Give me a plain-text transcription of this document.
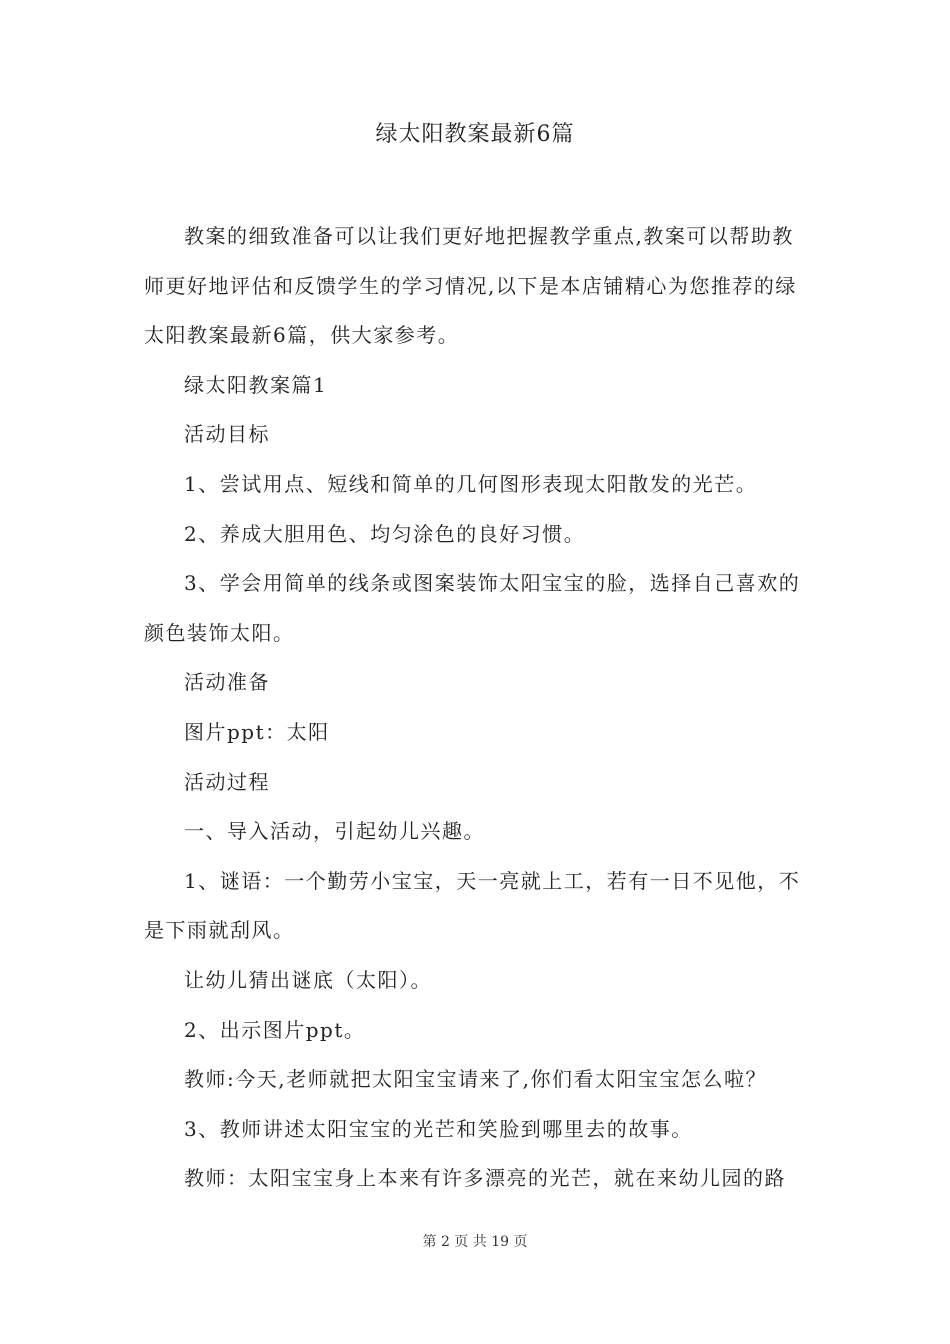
绿太阳教案最新6篇

教案的细致准备可以让我们更好地把握教学重点,教案可以帮助教师更好地评估和反馈学生的学习情况,以下是本店铺精心为您推荐的绿太阳教案最新6篇，供大家参考。

绿太阳教案篇1

活动目标

1、尝试用点、短线和简单的几何图形表现太阳散发的光芒。

2、养成大胆用色、均匀涂色的良好习惯。

3、学会用简单的线条或图案装饰太阳宝宝的脸，选择自己喜欢的颜色装饰太阳。

活动准备

图片ppt：太阳

活动过程

一、导入活动，引起幼儿兴趣。

1、谜语：一个勤劳小宝宝，天一亮就上工，若有一日不见他，不是下雨就刮风。

让幼儿猜出谜底（太阳）。

2、出示图片ppt。

教师:今天,老师就把太阳宝宝请来了,你们看太阳宝宝怎么啦？

3、教师讲述太阳宝宝的光芒和笑脸到哪里去的故事。

教师：太阳宝宝身上本来有许多漂亮的光芒，就在来幼儿园的路

第 2 页 共 19 页
